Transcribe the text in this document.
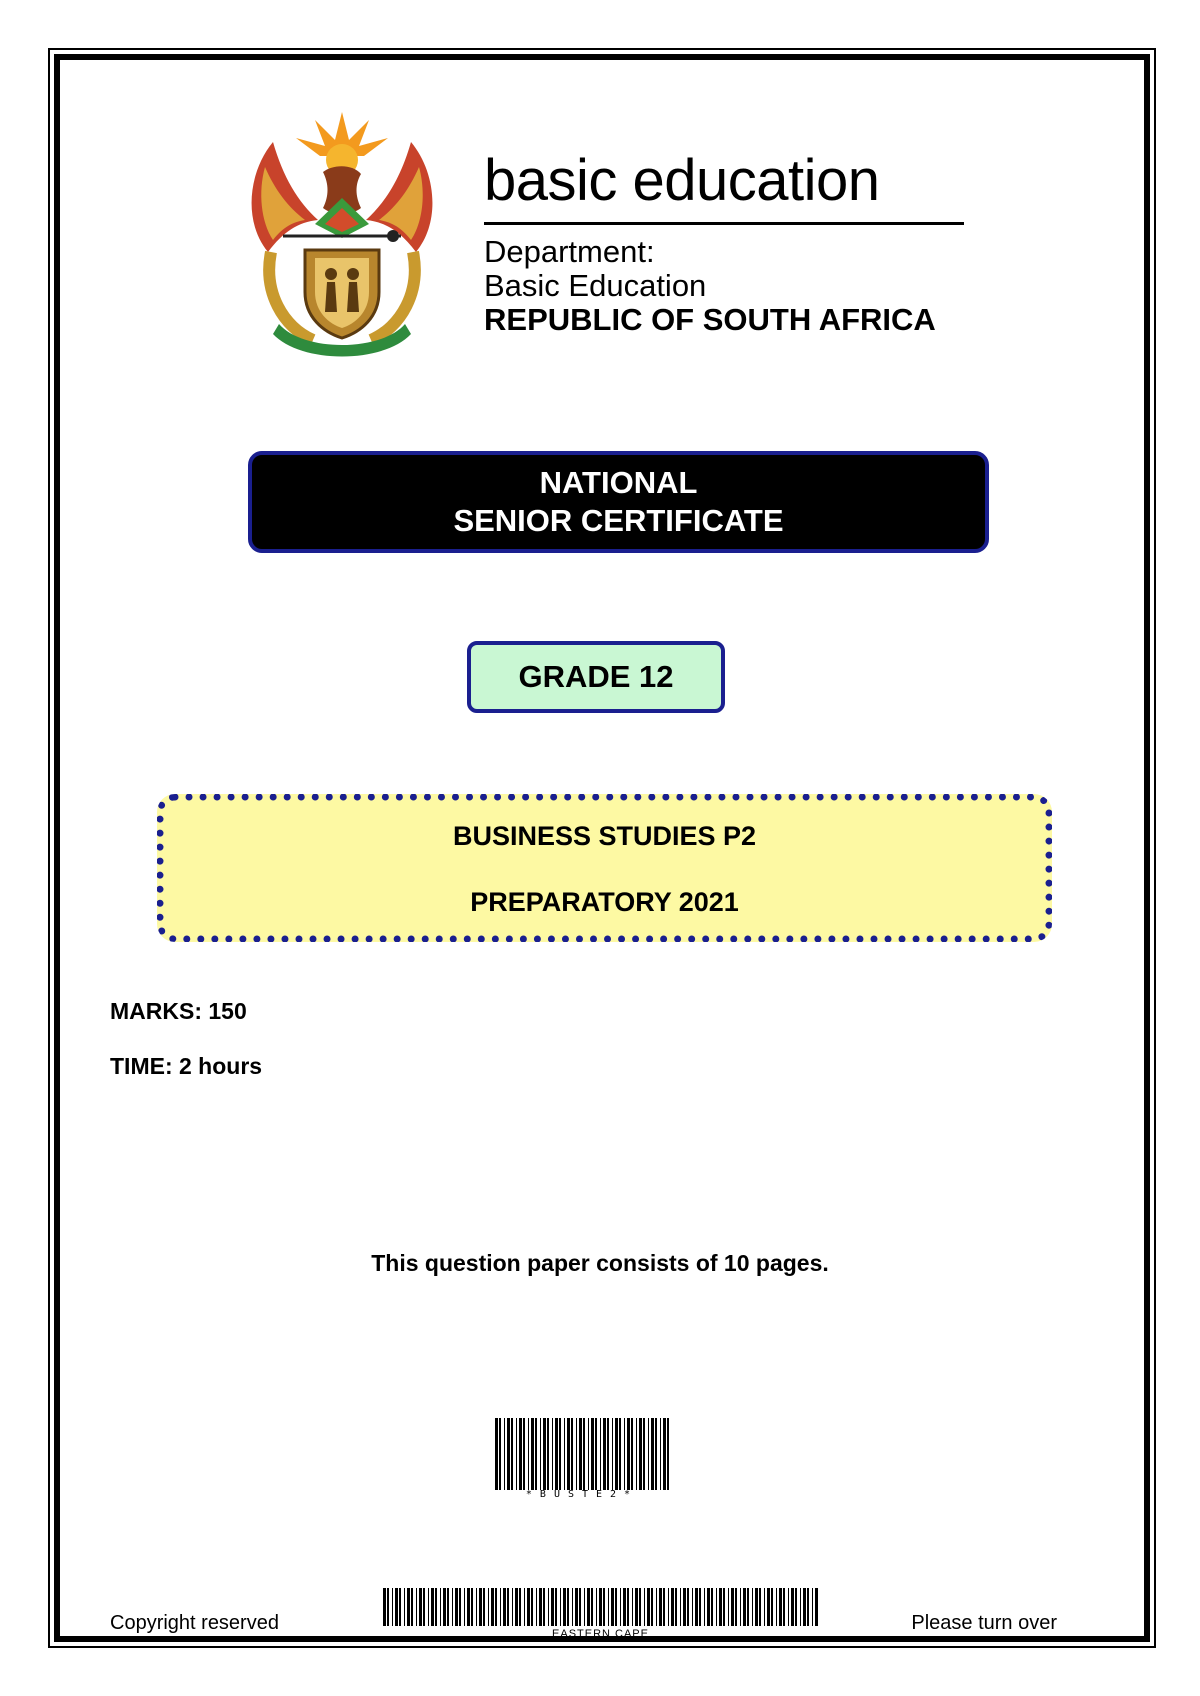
basic education
Department:
Basic Education
REPUBLIC OF SOUTH AFRICA
NATIONAL
SENIOR CERTIFICATE
GRADE 12
BUSINESS STUDIES P2
PREPARATORY 2021
MARKS: 150
TIME: 2 hours
This question paper consists of 10 pages.
*BUSTE2*
EASTERN CAPE
Copyright reserved	Please turn over
